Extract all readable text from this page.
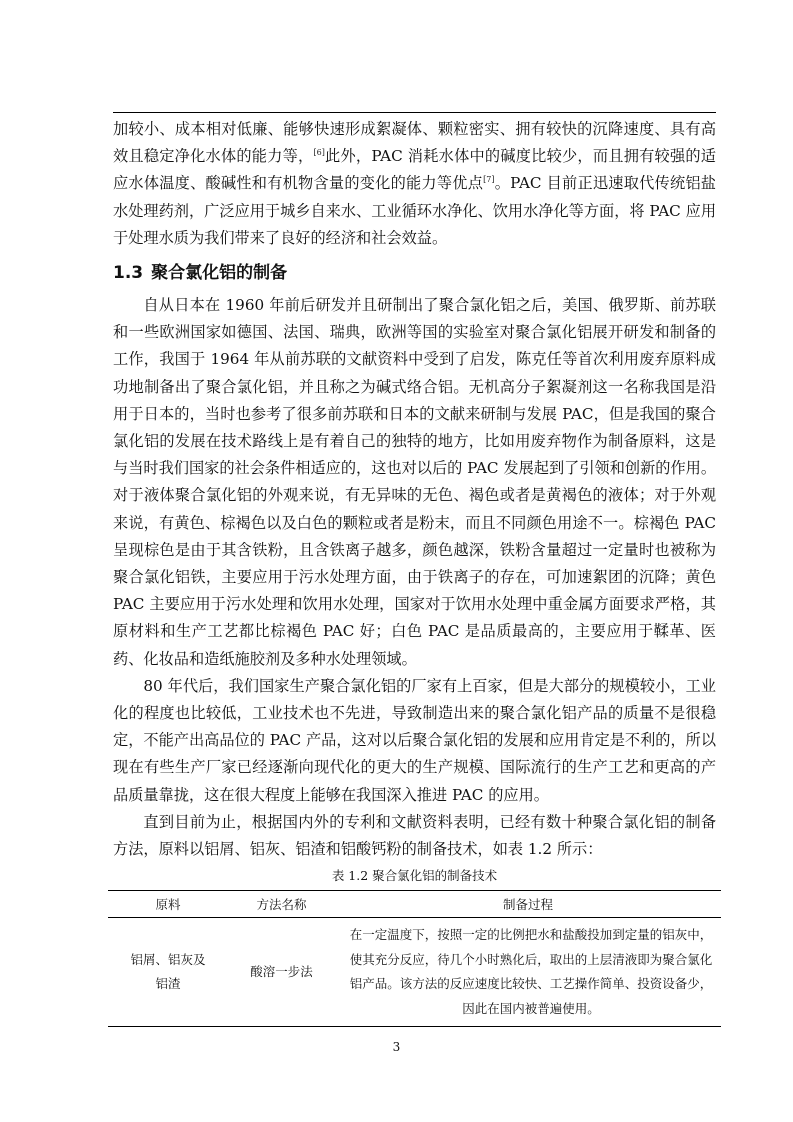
加较小、成本相对低廉、能够快速形成絮凝体、颗粒密实、拥有较快的沉降速度、具有高效且稳定净化水体的能力等，[6]此外，PAC 消耗水体中的碱度比较少，而且拥有较强的适应水体温度、酸碱性和有机物含量的变化的能力等优点[7]。PAC 目前正迅速取代传统铝盐水处理药剂，广泛应用于城乡自来水、工业循环水净化、饮用水净化等方面，将 PAC 应用于处理水质为我们带来了良好的经济和社会效益。

1.3 聚合氯化铝的制备

自从日本在 1960 年前后研发并且研制出了聚合氯化铝之后，美国、俄罗斯、前苏联和一些欧洲国家如德国、法国、瑞典，欧洲等国的实验室对聚合氯化铝展开研发和制备的工作，我国于 1964 年从前苏联的文献资料中受到了启发，陈克任等首次利用废弃原料成功地制备出了聚合氯化铝，并且称之为碱式络合铝。无机高分子絮凝剂这一名称我国是沿用于日本的，当时也参考了很多前苏联和日本的文献来研制与发展 PAC，但是我国的聚合氯化铝的发展在技术路线上是有着自己的独特的地方，比如用废弃物作为制备原料，这是与当时我们国家的社会条件相适应的，这也对以后的 PAC 发展起到了引领和创新的作用。对于液体聚合氯化铝的外观来说，有无异味的无色、褐色或者是黄褐色的液体；对于外观来说，有黄色、棕褐色以及白色的颗粒或者是粉末，而且不同颜色用途不一。棕褐色 PAC 呈现棕色是由于其含铁粉，且含铁离子越多，颜色越深，铁粉含量超过一定量时也被称为聚合氯化铝铁，主要应用于污水处理方面，由于铁离子的存在，可加速絮团的沉降；黄色 PAC 主要应用于污水处理和饮用水处理，国家对于饮用水处理中重金属方面要求严格，其原材料和生产工艺都比棕褐色 PAC 好；白色 PAC 是品质最高的，主要应用于鞣革、医药、化妆品和造纸施胶剂及多种水处理领域。

80 年代后，我们国家生产聚合氯化铝的厂家有上百家，但是大部分的规模较小，工业化的程度也比较低，工业技术也不先进，导致制造出来的聚合氯化铝产品的质量不是很稳定，不能产出高品位的 PAC 产品，这对以后聚合氯化铝的发展和应用肯定是不利的，所以现在有些生产厂家已经逐渐向现代化的更大的生产规模、国际流行的生产工艺和更高的产品质量靠拢，这在很大程度上能够在我国深入推进 PAC 的应用。

直到目前为止，根据国内外的专利和文献资料表明，已经有数十种聚合氯化铝的制备方法，原料以铝屑、铝灰、铝渣和铝酸钙粉的制备技术，如表 1.2 所示：

表 1.2 聚合氯化铝的制备技术
原料	方法名称	制备过程

铝屑、铝灰及铝渣	酸溶一步法	在一定温度下，按照一定的比例把水和盐酸投加到定量的铝灰中，使其充分反应，待几个小时熟化后，取出的上层清液即为聚合氯化铝产品。该方法的反应速度比较快、工艺操作简单、投资设备少，因此在国内被普遍使用。
3
